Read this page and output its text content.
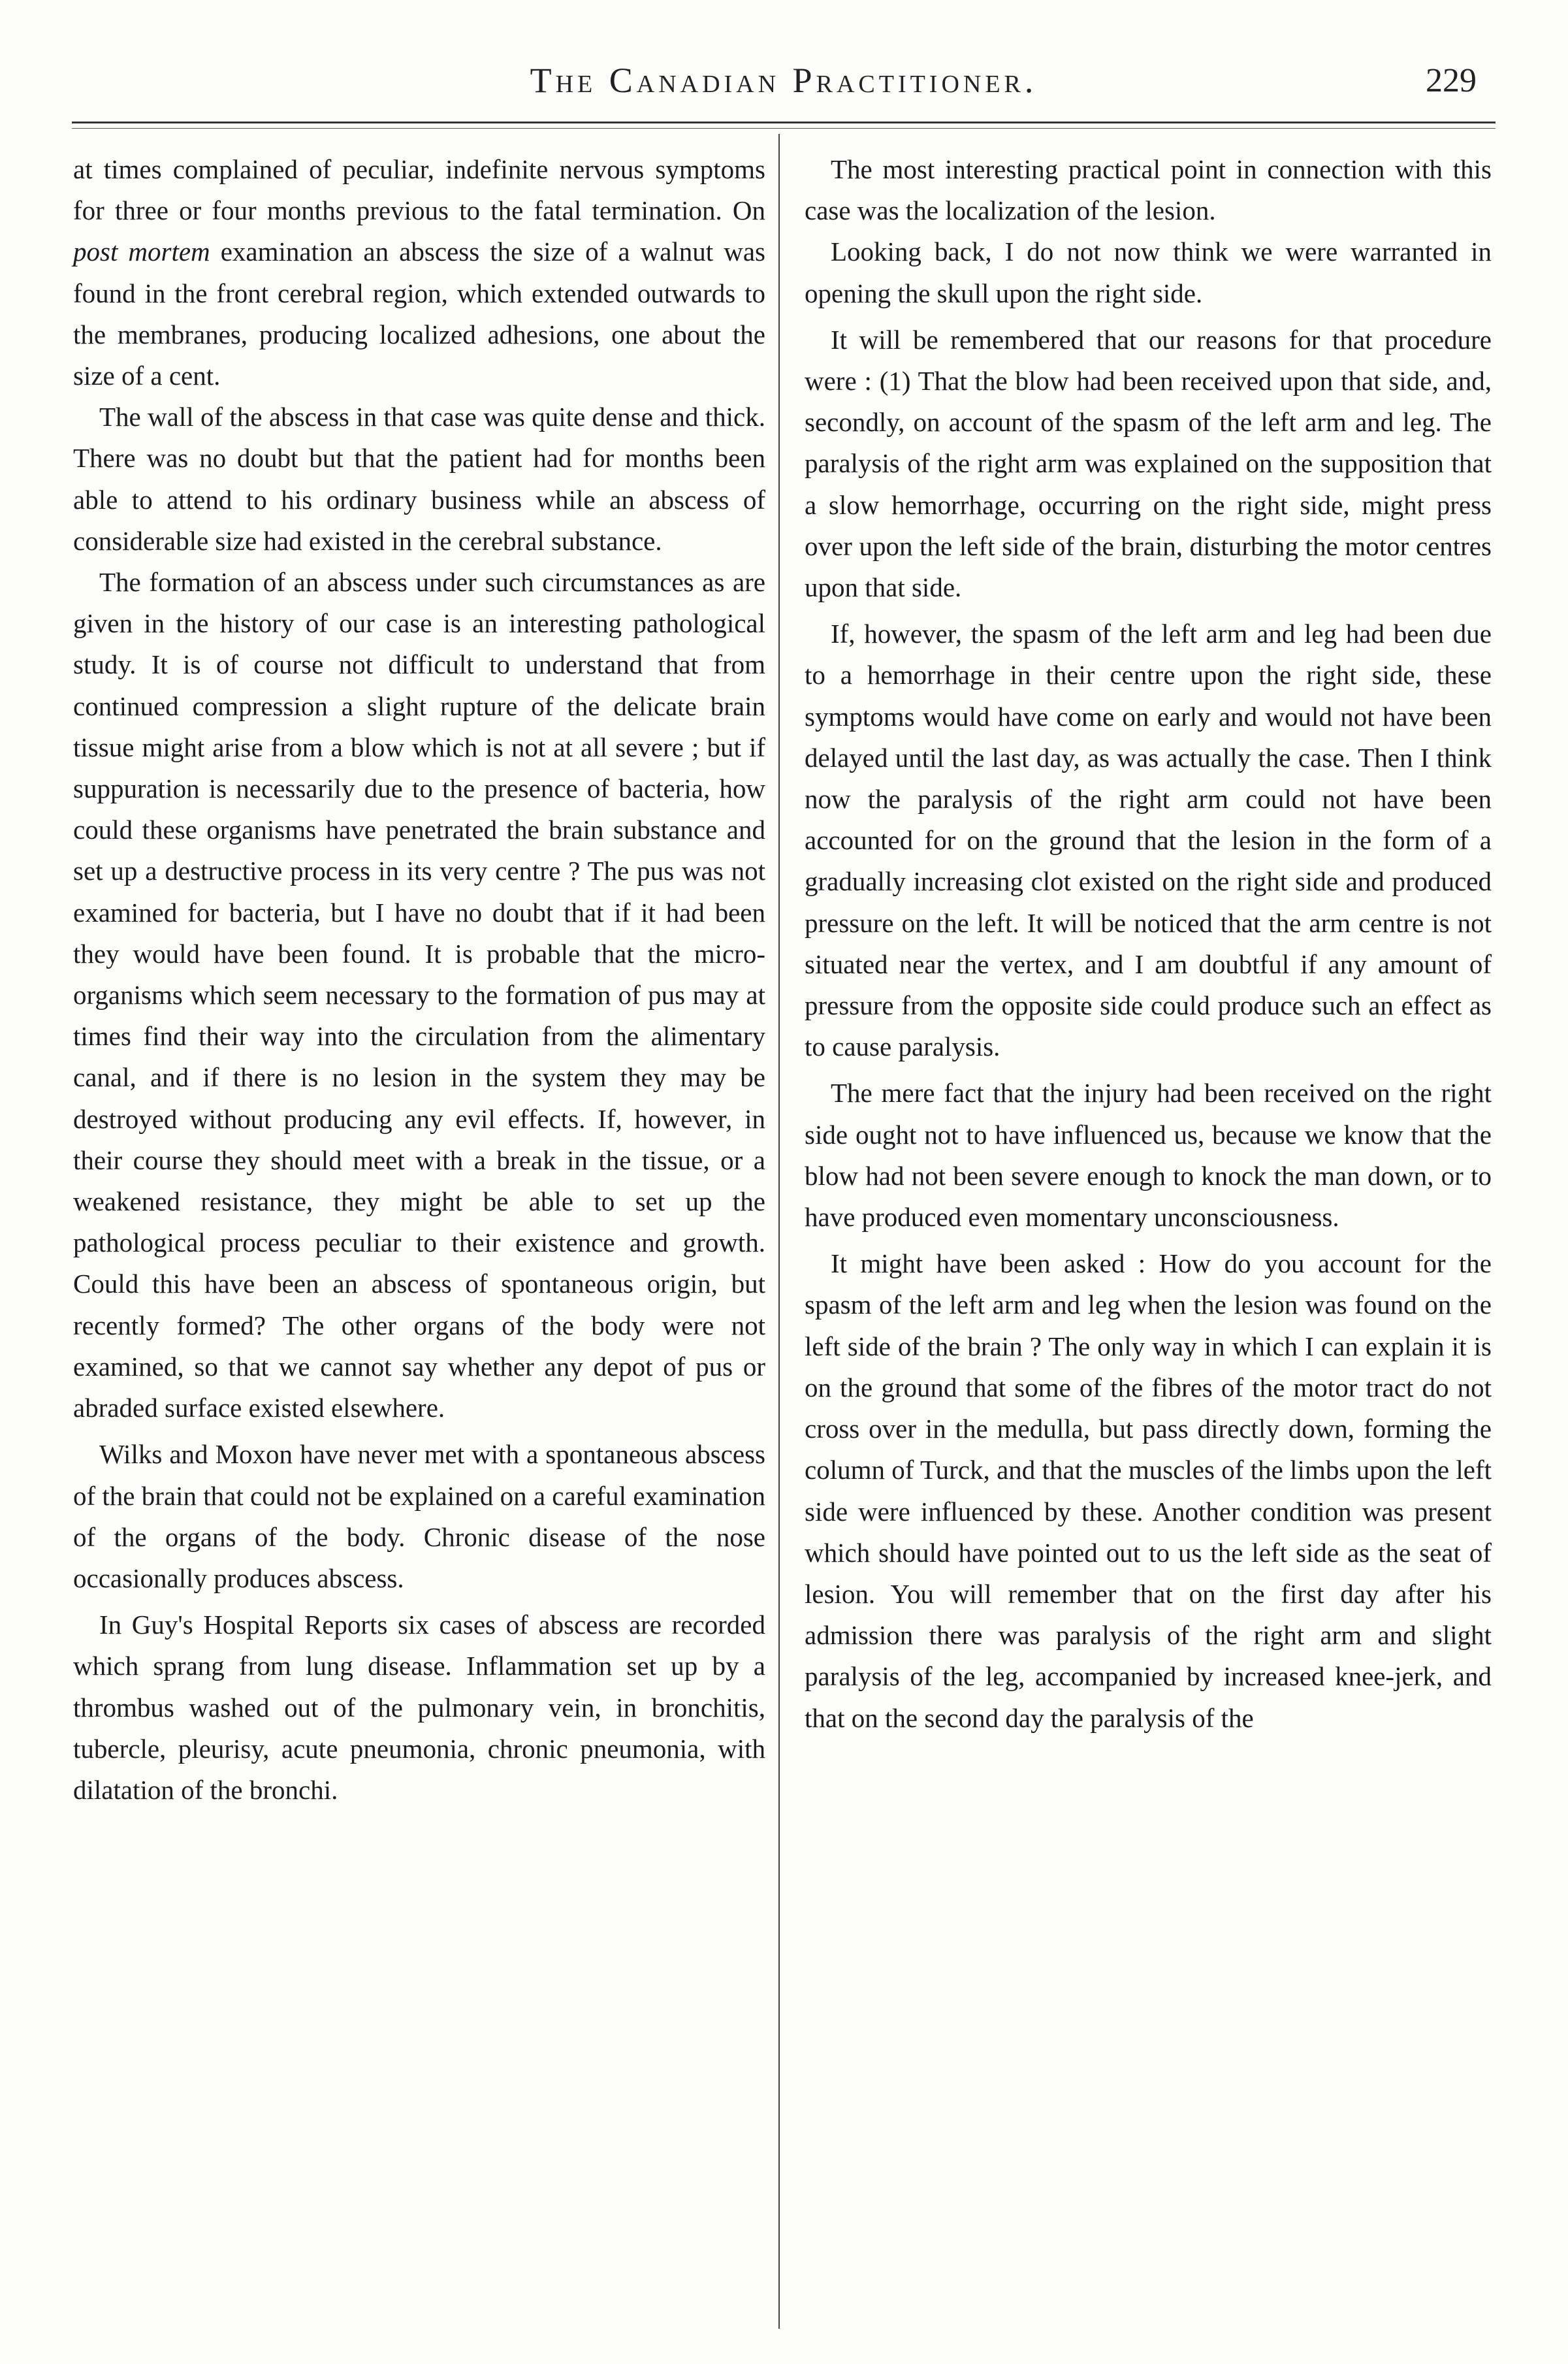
The Canadian Practitioner.	229

at times complained of peculiar, indefinite nervous symptoms for three or four months previous to the fatal termination. On post mortem examination an abscess the size of a walnut was found in the front cerebral region, which extended outwards to the membranes, producing localized adhesions, one about the size of a cent.

The wall of the abscess in that case was quite dense and thick. There was no doubt but that the patient had for months been able to attend to his ordinary business while an abscess of considerable size had existed in the cerebral substance.

The formation of an abscess under such circumstances as are given in the history of our case is an interesting pathological study. It is of course not difficult to understand that from continued compression a slight rupture of the delicate brain tissue might arise from a blow which is not at all severe ; but if suppuration is necessarily due to the presence of bacteria, how could these organisms have penetrated the brain substance and set up a destructive process in its very centre ? The pus was not examined for bacteria, but I have no doubt that if it had been they would have been found. It is probable that the micro-organisms which seem necessary to the formation of pus may at times find their way into the circulation from the alimentary canal, and if there is no lesion in the system they may be destroyed without producing any evil effects. If, however, in their course they should meet with a break in the tissue, or a weakened resistance, they might be able to set up the pathological process peculiar to their existence and growth. Could this have been an abscess of spontaneous origin, but recently formed? The other organs of the body were not examined, so that we cannot say whether any depot of pus or abraded surface existed elsewhere.

Wilks and Moxon have never met with a spontaneous abscess of the brain that could not be explained on a careful examination of the organs of the body. Chronic disease of the nose occasionally produces abscess.

In Guy's Hospital Reports six cases of abscess are recorded which sprang from lung disease. Inflammation set up by a thrombus washed out of the pulmonary vein, in bronchitis, tubercle, pleurisy, acute pneumonia, chronic pneumonia, with dilatation of the bronchi.

The most interesting practical point in connection with this case was the localization of the lesion.

Looking back, I do not now think we were warranted in opening the skull upon the right side.

It will be remembered that our reasons for that procedure were : (1) That the blow had been received upon that side, and, secondly, on account of the spasm of the left arm and leg. The paralysis of the right arm was explained on the supposition that a slow hemorrhage, occurring on the right side, might press over upon the left side of the brain, disturbing the motor centres upon that side.

If, however, the spasm of the left arm and leg had been due to a hemorrhage in their centre upon the right side, these symptoms would have come on early and would not have been delayed until the last day, as was actually the case. Then I think now the paralysis of the right arm could not have been accounted for on the ground that the lesion in the form of a gradually increasing clot existed on the right side and produced pressure on the left. It will be noticed that the arm centre is not situated near the vertex, and I am doubtful if any amount of pressure from the opposite side could produce such an effect as to cause paralysis.

The mere fact that the injury had been received on the right side ought not to have influenced us, because we know that the blow had not been severe enough to knock the man down, or to have produced even momentary unconsciousness.

It might have been asked : How do you account for the spasm of the left arm and leg when the lesion was found on the left side of the brain ? The only way in which I can explain it is on the ground that some of the fibres of the motor tract do not cross over in the medulla, but pass directly down, forming the column of Turck, and that the muscles of the limbs upon the left side were influenced by these. Another condition was present which should have pointed out to us the left side as the seat of lesion. You will remember that on the first day after his admission there was paralysis of the right arm and slight paralysis of the leg, accompanied by increased knee-jerk, and that on the second day the paralysis of the
